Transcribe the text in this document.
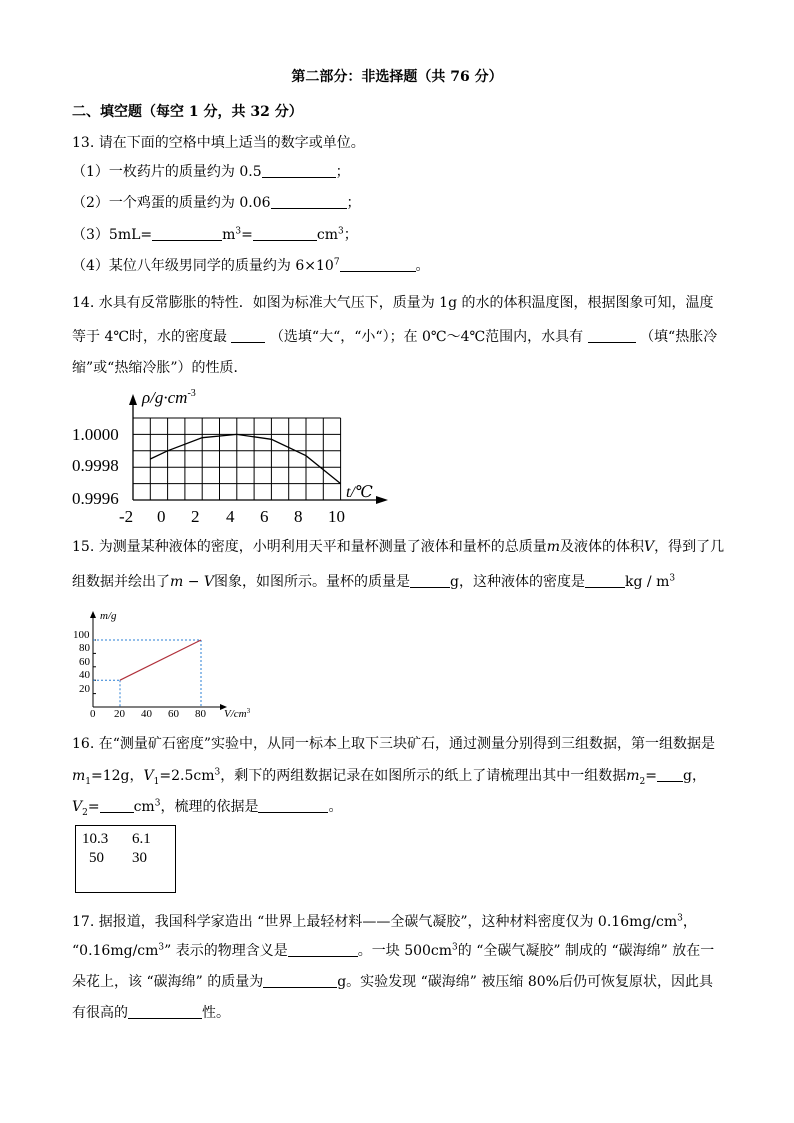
第二部分：非选择题（共 76 分）
二、填空题（每空 1 分，共 32 分）
13. 请在下面的空格中填上适当的数字或单位。
（1）一枚药片的质量约为 0.5	；
（2）一个鸡蛋的质量约为 0.06	；
（3）5mL=	$m^3=$	$cm^3$；
（4）某位八年级男同学的质量约为 $6\times 10^7$	。
14. 水具有反常膨胀的特性．如图为标准大气压下，质量为 1g 的水的体积温度图，根据图象可知，温度
等于 4℃时，水的密度最	（选填“大“，“小“）；在 0℃～4℃范围内，水具有	（填“热胀冷
缩”或“热缩冷胀”）的性质．
$\rho/g\cdot cm^{-3}$
t/℃
1.0000
0.9998
0.9996
-2 0 2 4 6 8 10
15. 为测量某种液体的密度，小明利用天平和量杯测量了液体和量杯的总质量m及液体的体积V，得到了几
组数据并绘出了m − V图象，如图所示。量杯的质量是	g，这种液体的密度是	kg / $m^3$
m/g
$V/cm^3$
100
80
60
40
20
0 20 40 60 80
16. 在“测量矿石密度”实验中，从同一标本上取下三块矿石，通过测量分别得到三组数据，第一组数据是
$m_1=12g$，$V_1=2.5cm^3$，剩下的两组数据记录在如图所示的纸上了请梳理出其中一组数据$m_2= g$，
$V_2= cm^3$，梳理的依据是	。
10.3 6.1
50 30
17. 据报道，我国科学家造出 “世界上最轻材料——全碳气凝胶”，这种材料密度仅为 $0.16mg/cm^3$，
“$0.16mg/cm^3$” 表示的物理含义是	。一块 $500cm^3$的 “全碳气凝胶” 制成的 “碳海绵” 放在一
朵花上，该 “碳海绵” 的质量为	g。实验发现 “碳海绵” 被压缩 80%后仍可恢复原状，因此具
有很高的	性。
